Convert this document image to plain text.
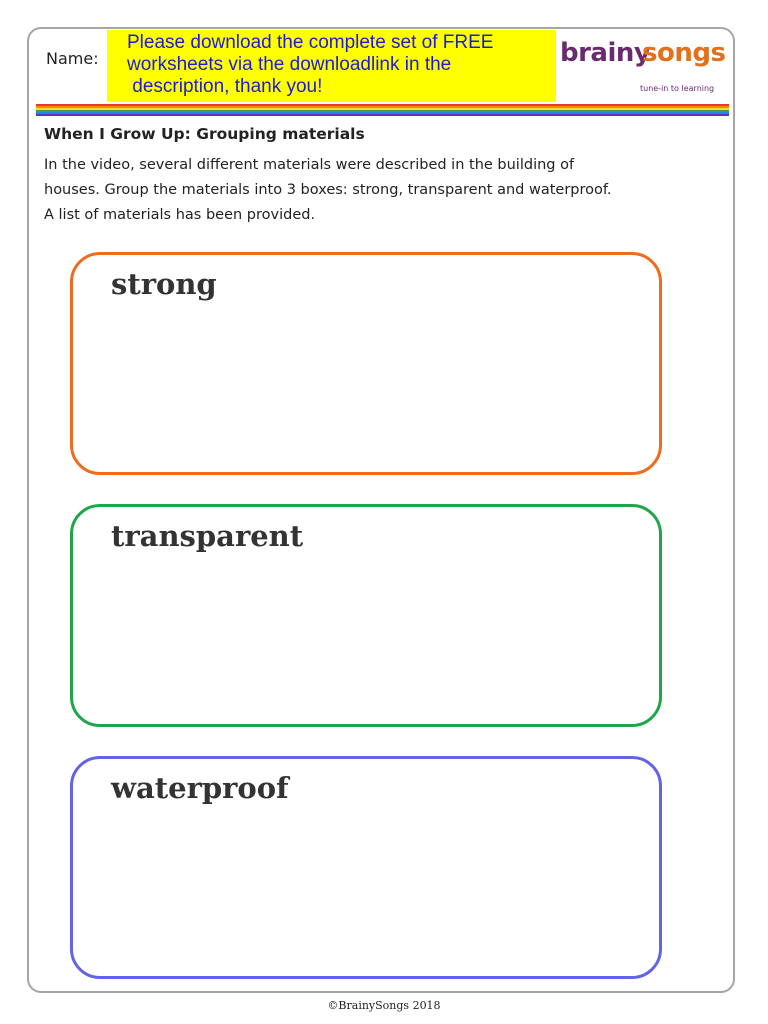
Name:
Please download the complete set of FREE
worksheets via the downloadlink in the
description, thank you!
brainy
songs
tune-in to learning
When I Grow Up: Grouping materials

In the video, several different materials were described in the building of
houses. Group the materials into 3 boxes: strong, transparent and waterproof.
A list of materials has been provided.

strong
transparent
waterproof
©BrainySongs 2018
